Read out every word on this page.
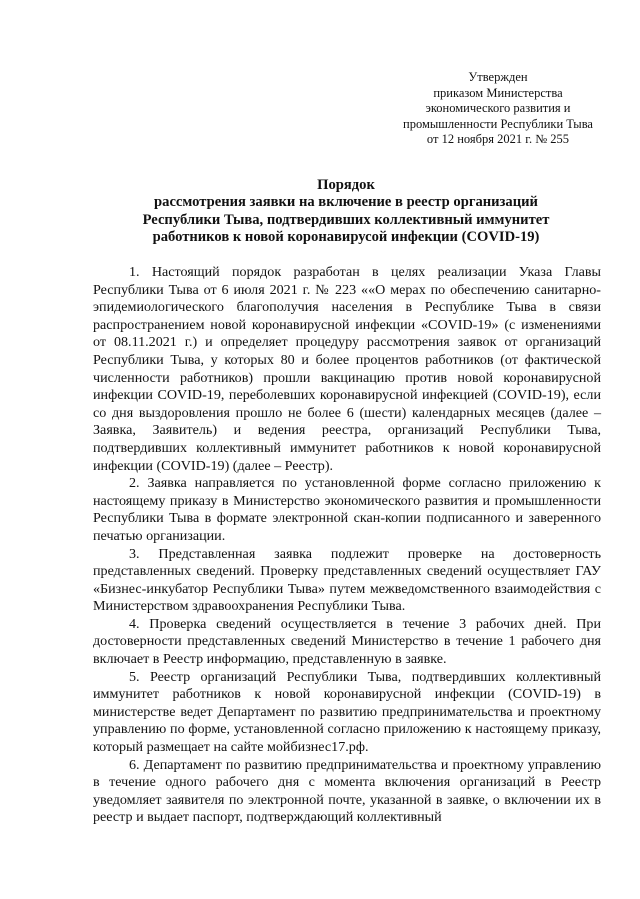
Утвержден
приказом Министерства
экономического развития и
промышленности Республики Тыва
от 12 ноября 2021 г. № 255
Порядок
рассмотрения заявки на включение в реестр организаций
Республики Тыва, подтвердивших коллективный иммунитет
работников к новой коронавирусой инфекции (COVID-19)

1. Настоящий порядок разработан в целях реализации Указа Главы Республики Тыва от 6 июля 2021 г. № 223 ««О мерах по обеспечению санитарно-эпидемиологического благополучия населения в Республике Тыва в связи распространением новой коронавирусной инфекции «COVID-19» (с изменениями от 08.11.2021 г.) и определяет процедуру рассмотрения заявок от организаций Республики Тыва, у которых 80 и более процентов работников (от фактической численности работников) прошли вакцинацию против новой коронавирусной инфекции COVID-19, переболевших коронавирусной инфекцией (COVID-19), если со дня выздоровления прошло не более 6 (шести) календарных месяцев (далее – Заявка, Заявитель) и ведения реестра, организаций Республики Тыва, подтвердивших коллективный иммунитет работников к новой коронавирусной инфекции (COVID-19) (далее – Реестр).

2. Заявка направляется по установленной форме согласно приложению к настоящему приказу в Министерство экономического развития и промышленности Республики Тыва в формате электронной скан-копии подписанного и заверенного печатью организации.

3. Представленная заявка подлежит проверке на достоверность представленных сведений. Проверку представленных сведений осуществляет ГАУ «Бизнес-инкубатор Республики Тыва» путем межведомственного взаимодействия с Министерством здравоохранения Республики Тыва.

4. Проверка сведений осуществляется в течение 3 рабочих дней. При достоверности представленных сведений Министерство в течение 1 рабочего дня включает в Реестр информацию, представленную в заявке.

5. Реестр организаций Республики Тыва, подтвердивших коллективный иммунитет работников к новой коронавирусной инфекции (COVID-19) в министерстве ведет Департамент по развитию предпринимательства и проектному управлению по форме, установленной согласно приложению к настоящему приказу, который размещает на сайте мойбизнес17.рф.

6. Департамент по развитию предпринимательства и проектному управлению в течение одного рабочего дня с момента включения организаций в Реестр уведомляет заявителя по электронной почте, указанной в заявке, о включении их в реестр и выдает паспорт, подтверждающий коллективный
